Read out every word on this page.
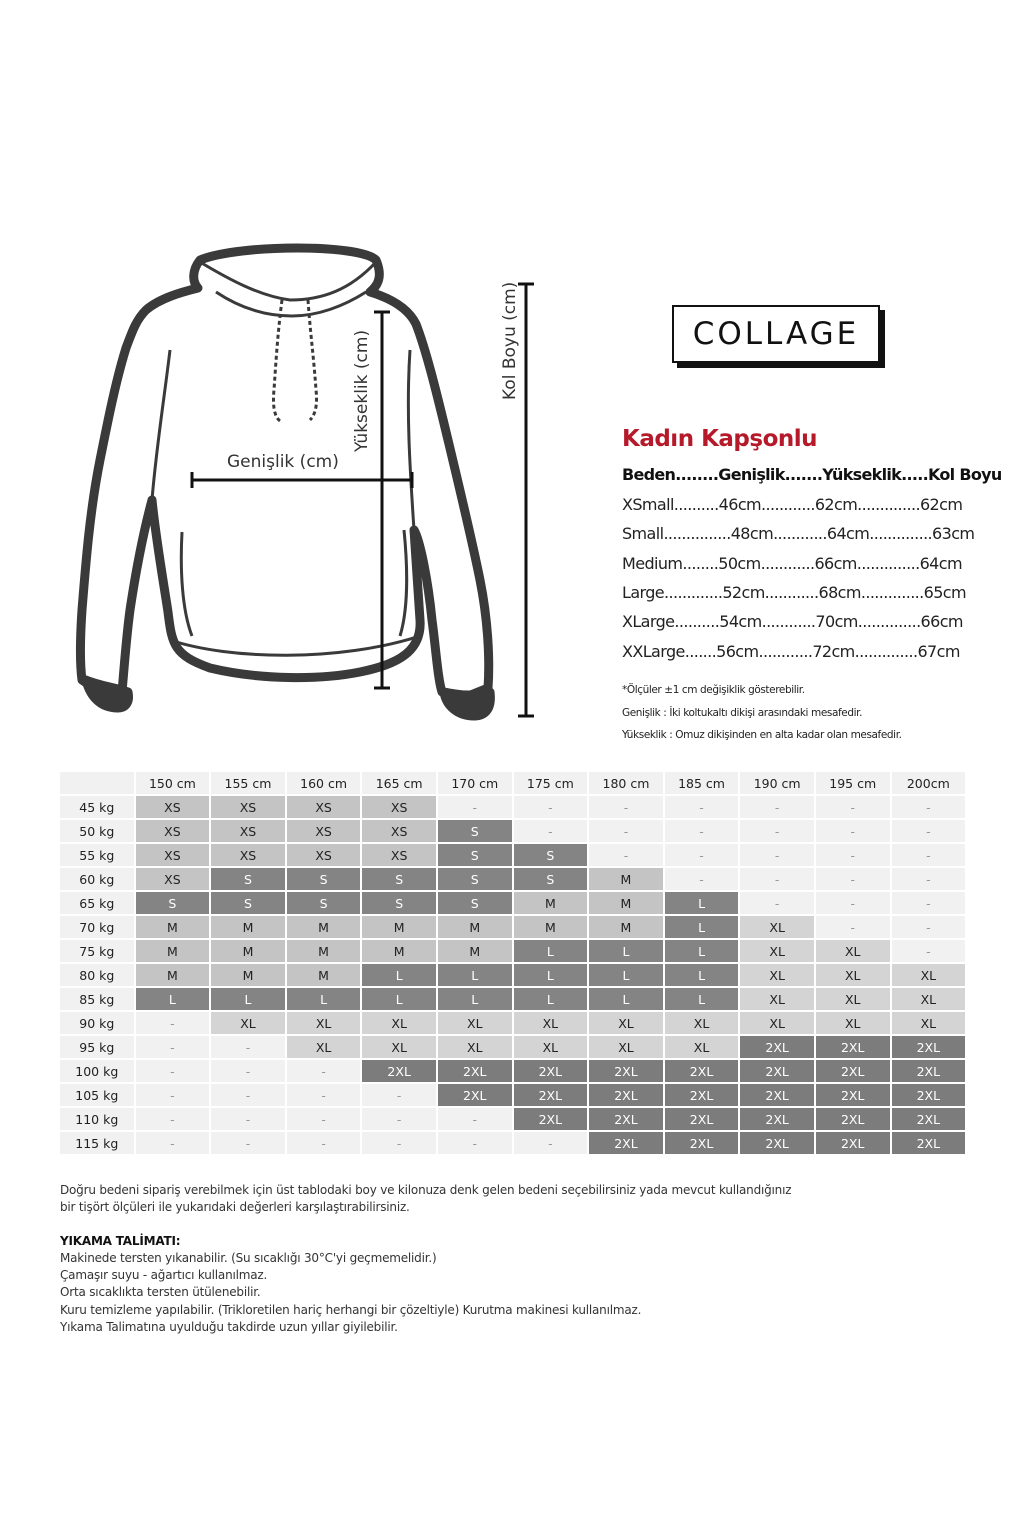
Genişlik (cm)
Yükseklik (cm)	Kol Boyu (cm)	COLLAGE
Kadın Kapşonlu
Beden........Genişlik.......Yükseklik.....Kol Boyu
XSmall..........46cm............62cm..............62cm
Small...............48cm............64cm..............63cm
Medium........50cm............66cm..............64cm
Large.............52cm............68cm..............65cm
XLarge..........54cm............70cm..............66cm
XXLarge.......56cm............72cm..............67cm
*Ölçüler ±1 cm değişiklik gösterebilir.
Genişlik : İki koltukaltı dikişi arasındaki mesafedir.
Yükseklik : Omuz dikişinden en alta kadar olan mesafedir.
	150 cm	155 cm	160 cm	165 cm	170 cm	175 cm	180 cm	185 cm	190 cm	195 cm	200cm
45 kg	XS	XS	XS	XS	-	-	-	-	-	-	-
50 kg	XS	XS	XS	XS	S	-	-	-	-	-	-
55 kg	XS	XS	XS	XS	S	S	-	-	-	-	-
60 kg	XS	S	S	S	S	S	M	-	-	-	-
65 kg	S	S	S	S	S	M	M	L	-	-	-
70 kg	M	M	M	M	M	M	M	L	XL	-	-
75 kg	M	M	M	M	M	L	L	L	XL	XL	-
80 kg	M	M	M	L	L	L	L	L	XL	XL	XL
85 kg	L	L	L	L	L	L	L	L	XL	XL	XL
90 kg	-	XL	XL	XL	XL	XL	XL	XL	XL	XL	XL
95 kg	-	-	XL	XL	XL	XL	XL	XL	2XL	2XL	2XL
100 kg	-	-	-	2XL	2XL	2XL	2XL	2XL	2XL	2XL	2XL
105 kg	-	-	-	-	2XL	2XL	2XL	2XL	2XL	2XL	2XL
110 kg	-	-	-	-	-	2XL	2XL	2XL	2XL	2XL	2XL
115 kg	-	-	-	-	-	-	2XL	2XL	2XL	2XL	2XL
Doğru bedeni sipariş verebilmek için üst tablodaki boy ve kilonuza denk gelen bedeni seçebilirsiniz yada mevcut kullandığınız
bir tişört ölçüleri ile yukarıdaki değerleri karşılaştırabilirsiniz.
YIKAMA TALİMATI:
Makinede tersten yıkanabilir. (Su sıcaklığı 30°C'yi geçmemelidir.)
Çamaşır suyu - ağartıcı kullanılmaz.
Orta sıcaklıkta tersten ütülenebilir.
Kuru temizleme yapılabilir. (Trikloretilen hariç herhangi bir çözeltiyle) Kurutma makinesi kullanılmaz.
Yıkama Talimatına uyulduğu takdirde uzun yıllar giyilebilir.
